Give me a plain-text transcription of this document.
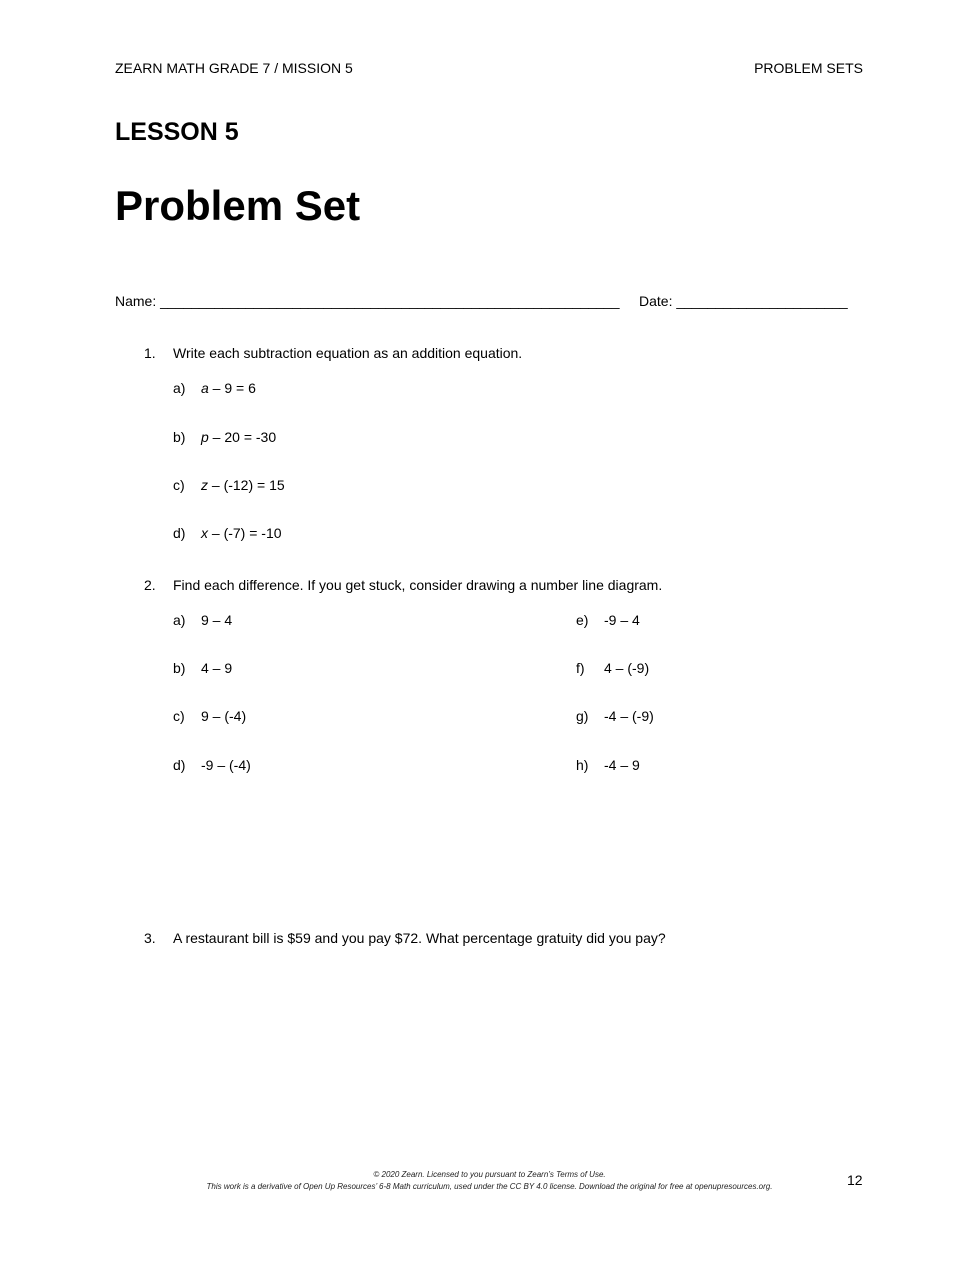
ZEARN MATH GRADE 7 / MISSION 5	PROBLEM SETS
LESSON 5
Problem Set
Name: ___________________________________________________________ Date: ______________________
1. Write each subtraction equation as an addition equation.
a) a – 9 = 6
b) p – 20 = -30
c) z – (-12) = 15
d) x – (-7) = -10
2. Find each difference. If you get stuck, consider drawing a number line diagram.
a) 9 – 4
b) 4 – 9
c) 9 – (-4)
d) -9 – (-4)
e) -9 – 4
f) 4 – (-9)
g) -4 – (-9)
h) -4 – 9
3. A restaurant bill is $59 and you pay $72. What percentage gratuity did you pay?
© 2020 Zearn. Licensed to you pursuant to Zearn’s Terms of Use.
This work is a derivative of Open Up Resources’ 6-8 Math curriculum, used under the CC BY 4.0 license. Download the original for free at openupresources.org.	12
